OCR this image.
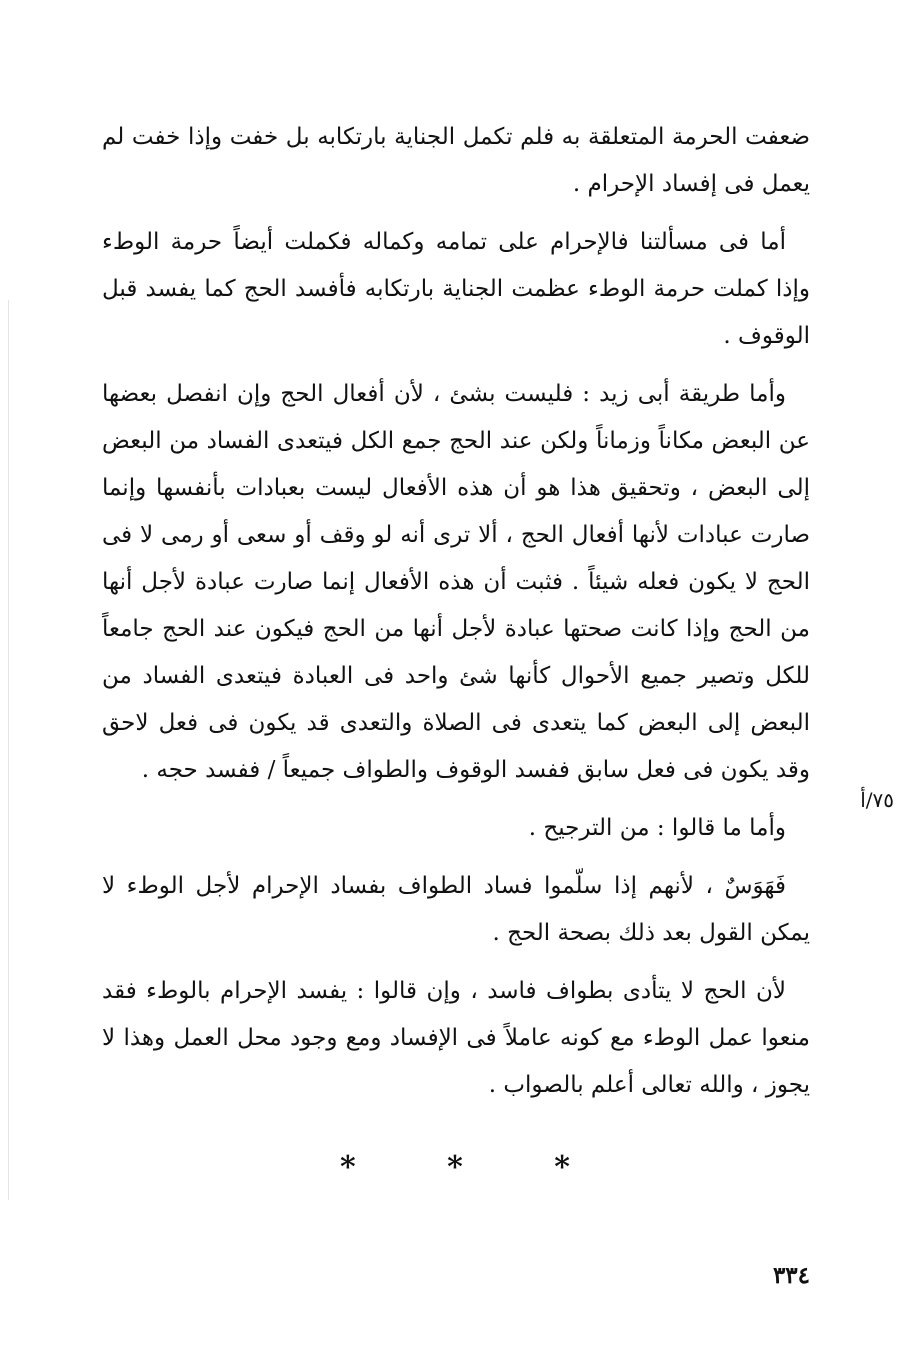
ضعفت الحرمة المتعلقة به فلم تكمل الجناية بارتكابه بل خفت وإذا خفت لم يعمل فى إفساد الإحرام .

أما فى مسألتنا فالإحرام على تمامه وكماله فكملت أيضاً حرمة الوطء وإذا كملت حرمة الوطء عظمت الجناية بارتكابه فأفسد الحج كما يفسد قبل الوقوف .

وأما طريقة أبى زيد : فليست بشئ ، لأن أفعال الحج وإن انفصل بعضها عن البعض مكاناً وزماناً ولكن عند الحج جمع الكل فيتعدى الفساد من البعض إلى البعض ، وتحقيق هذا هو أن هذه الأفعال ليست بعبادات بأنفسها وإنما صارت عبادات لأنها أفعال الحج ، ألا ترى أنه لو وقف أو سعى أو رمى لا فى الحج لا يكون فعله شيئاً . فثبت أن هذه الأفعال إنما صارت عبادة لأجل أنها من الحج وإذا كانت صحتها عبادة لأجل أنها من الحج فيكون عند الحج جامعاً للكل وتصير جميع الأحوال كأنها شئ واحد فى العبادة فيتعدى الفساد من البعض إلى البعض كما يتعدى فى الصلاة والتعدى قد يكون فى فعل لاحق وقد يكون فى فعل سابق ففسد الوقوف والطواف جميعاً / ففسد حجه .

وأما ما قالوا : من الترجيح .

فَهَوَسٌ ، لأنهم إذا سلّموا فساد الطواف بفساد الإحرام لأجل الوطء لا يمكن القول بعد ذلك بصحة الحج .

لأن الحج لا يتأدى بطواف فاسد ، وإن قالوا : يفسد الإحرام بالوطء فقد منعوا عمل الوطء مع كونه عاملاً فى الإفساد ومع وجود محل العمل وهذا لا يجوز ، والله تعالى أعلم بالصواب .

٧٥/أ
*	*	*
٣٣٤
